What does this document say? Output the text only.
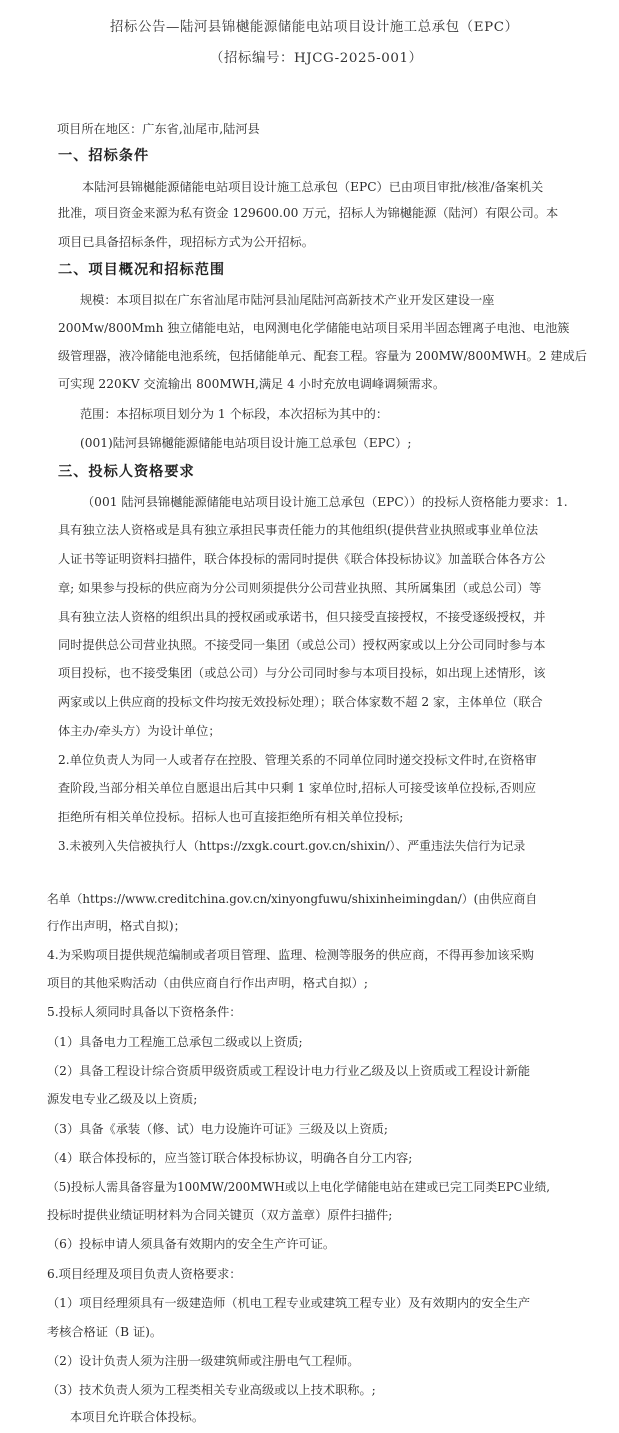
招标公告—陆河县锦樾能源储能电站项目设计施工总承包（EPC）
（招标编号：HJCG-2025-001）
项目所在地区：广东省,汕尾市,陆河县
一、招标条件
本陆河县锦樾能源储能电站项目设计施工总承包（EPC）已由项目审批/核准/备案机关
批准，项目资金来源为私有资金 129600.00 万元，招标人为锦樾能源（陆河）有限公司。本
项目已具备招标条件，现招标方式为公开招标。
二、项目概况和招标范围
规模：本项目拟在广东省汕尾市陆河县汕尾陆河高新技术产业开发区建设一座
200Mw/800Mmh 独立储能电站，电网测电化学储能电站项目采用半固态锂离子电池、电池簇
级管理器，液冷储能电池系统，包括储能单元、配套工程。容量为 200MW/800MWH。2 建成后
可实现 220KV 交流输出 800MWH,满足 4 小时充放电调峰调频需求。
范围：本招标项目划分为 1 个标段，本次招标为其中的：
(001)陆河县锦樾能源储能电站项目设计施工总承包（EPC）;
三、投标人资格要求
（001 陆河县锦樾能源储能电站项目设计施工总承包（EPC））的投标人资格能力要求：1.
具有独立法人资格或是具有独立承担民事责任能力的其他组织(提供营业执照或事业单位法
人证书等证明资料扫描件，联合体投标的需同时提供《联合体投标协议》加盖联合体各方公
章; 如果参与投标的供应商为分公司则须提供分公司营业执照、其所属集团（或总公司）等
具有独立法人资格的组织出具的授权函或承诺书，但只接受直接授权，不接受逐级授权，并
同时提供总公司营业执照。不接受同一集团（或总公司）授权两家或以上分公司同时参与本
项目投标，也不接受集团（或总公司）与分公司同时参与本项目投标，如出现上述情形，该
两家或以上供应商的投标文件均按无效投标处理）；联合体家数不超 2 家，主体单位（联合
体主办/牵头方）为设计单位；
2.单位负责人为同一人或者存在控股、管理关系的不同单位同时递交投标文件时,在资格审
查阶段,当部分相关单位自愿退出后其中只剩 1 家单位时,招标人可接受该单位投标,否则应
拒绝所有相关单位投标。招标人也可直接拒绝所有相关单位投标;
3.未被列入失信被执行人（https://zxgk.court.gov.cn/shixin/）、严重违法失信行为记录
名单（https://www.creditchina.gov.cn/xinyongfuwu/shixinheimingdan/）(由供应商自
行作出声明，格式自拟)；
4.为采购项目提供规范编制或者项目管理、监理、检测等服务的供应商，不得再参加该采购
项目的其他采购活动（由供应商自行作出声明，格式自拟）;
5.投标人须同时具备以下资格条件：
（1）具备电力工程施工总承包二级或以上资质;
（2）具备工程设计综合资质甲级资质或工程设计电力行业乙级及以上资质或工程设计新能
源发电专业乙级及以上资质;
（3）具备《承装（修、试）电力设施许可证》三级及以上资质;
（4）联合体投标的，应当签订联合体投标协议，明确各自分工内容;
（5)投标人需具备容量为100MW/200MWH或以上电化学储能电站在建或已完工同类EPC业绩,
投标时提供业绩证明材料为合同关键页（双方盖章）原件扫描件;
（6）投标申请人须具备有效期内的安全生产许可证。
6.项目经理及项目负责人资格要求：
（1）项目经理须具有一级建造师（机电工程专业或建筑工程专业）及有效期内的安全生产
考核合格证（B 证)。
（2）设计负责人须为注册一级建筑师或注册电气工程师。
（3）技术负责人须为工程类相关专业高级或以上技术职称。;
本项目允许联合体投标。
